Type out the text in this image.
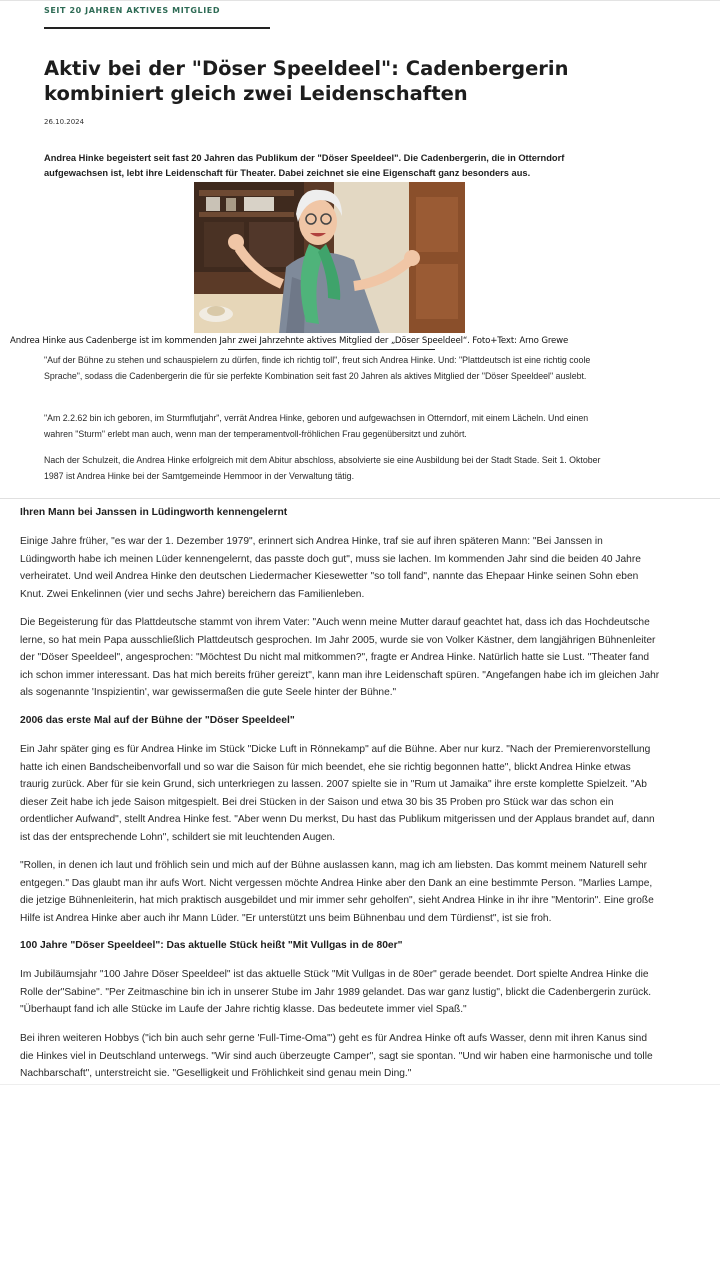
SEIT 20 JAHREN AKTIVES MITGLIED
Aktiv bei der "Döser Speeldeel": Cadenbergerin kombiniert gleich zwei Leidenschaften
26.10.2024

Andrea Hinke begeistert seit fast 20 Jahren das Publikum der "Döser Speeldeel". Die Cadenbergerin, die in Otterndorf aufgewachsen ist, lebt ihre Leidenschaft für Theater. Dabei zeichnet sie eine Eigenschaft ganz besonders aus.

Andrea Hinke aus Cadenberge ist im kommenden Jahr zwei Jahrzehnte aktives Mitglied der „Döser Speeldeel“. Foto+Text: Arno Grewe

"Auf der Bühne zu stehen und schauspielern zu dürfen, finde ich richtig toll", freut sich Andrea Hinke. Und: "Plattdeutsch ist eine richtig coole Sprache", sodass die Cadenbergerin die für sie perfekte Kombination seit fast 20 Jahren als aktives Mitglied der "Döser Speeldeel" auslebt.

"Am 2.2.62 bin ich geboren, im Sturmflutjahr", verrät Andrea Hinke, geboren und aufgewachsen in Otterndorf, mit einem Lächeln. Und einen wahren "Sturm" erlebt man auch, wenn man der temperamentvoll-fröhlichen Frau gegenübersitzt und zuhört.

Nach der Schulzeit, die Andrea Hinke erfolgreich mit dem Abitur abschloss, absolvierte sie eine Ausbildung bei der Stadt Stade. Seit 1. Oktober 1987 ist Andrea Hinke bei der Samtgemeinde Hemmoor in der Verwaltung tätig.

Ihren Mann bei Janssen in Lüdingworth kennengelernt

Einige Jahre früher, "es war der 1. Dezember 1979", erinnert sich Andrea Hinke, traf sie auf ihren späteren Mann: "Bei Janssen in Lüdingworth habe ich meinen Lüder kennengelernt, das passte doch gut", muss sie lachen. Im kommenden Jahr sind die beiden 40 Jahre verheiratet. Und weil Andrea Hinke den deutschen Liedermacher Kiesewetter "so toll fand", nannte das Ehepaar Hinke seinen Sohn eben Knut. Zwei Enkelinnen (vier und sechs Jahre) bereichern das Familienleben.

Die Begeisterung für das Plattdeutsche stammt von ihrem Vater: "Auch wenn meine Mutter darauf geachtet hat, dass ich das Hochdeutsche lerne, so hat mein Papa ausschließlich Plattdeutsch gesprochen. Im Jahr 2005, wurde sie von Volker Kästner, dem langjährigen Bühnenleiter der "Döser Speeldeel", angesprochen: "Möchtest Du nicht mal mitkommen?", fragte er Andrea Hinke. Natürlich hatte sie Lust. "Theater fand ich schon immer interessant. Das hat mich bereits früher gereizt", kann man ihre Leidenschaft spüren. "Angefangen habe ich im gleichen Jahr als sogenannte 'Inspizientin', war gewissermaßen die gute Seele hinter der Bühne."

2006 das erste Mal auf der Bühne der "Döser Speeldeel"

Ein Jahr später ging es für Andrea Hinke im Stück "Dicke Luft in Rönnekamp" auf die Bühne. Aber nur kurz. "Nach der Premierenvorstellung hatte ich einen Bandscheibenvorfall und so war die Saison für mich beendet, ehe sie richtig begonnen hatte", blickt Andrea Hinke etwas traurig zurück. Aber für sie kein Grund, sich unterkriegen zu lassen. 2007 spielte sie in "Rum ut Jamaika" ihre erste komplette Spielzeit. "Ab dieser Zeit habe ich jede Saison mitgespielt. Bei drei Stücken in der Saison und etwa 30 bis 35 Proben pro Stück war das schon ein ordentlicher Aufwand", stellt Andrea Hinke fest. "Aber wenn Du merkst, Du hast das Publikum mitgerissen und der Applaus brandet auf, dann ist das der entsprechende Lohn", schildert sie mit leuchtenden Augen.

"Rollen, in denen ich laut und fröhlich sein und mich auf der Bühne auslassen kann, mag ich am liebsten. Das kommt meinem Naturell sehr entgegen." Das glaubt man ihr aufs Wort. Nicht vergessen möchte Andrea Hinke aber den Dank an eine bestimmte Person. "Marlies Lampe, die jetzige Bühnenleiterin, hat mich praktisch ausgebildet und mir immer sehr geholfen", sieht Andrea Hinke in ihr ihre "Mentorin". Eine große Hilfe ist Andrea Hinke aber auch ihr Mann Lüder. "Er unterstützt uns beim Bühnenbau und dem Türdienst", ist sie froh.

100 Jahre "Döser Speeldeel": Das aktuelle Stück heißt "Mit Vullgas in de 80er"

Im Jubiläumsjahr "100 Jahre Döser Speeldeel" ist das aktuelle Stück "Mit Vullgas in de 80er" gerade beendet. Dort spielte Andrea Hinke die Rolle der"Sabine". "Per Zeitmaschine bin ich in unserer Stube im Jahr 1989 gelandet. Das war ganz lustig", blickt die Cadenbergerin zurück. "Überhaupt fand ich alle Stücke im Laufe der Jahre richtig klasse. Das bedeutete immer viel Spaß."

Bei ihren weiteren Hobbys ("ich bin auch sehr gerne 'Full-Time-Oma'") geht es für Andrea Hinke oft aufs Wasser, denn mit ihren Kanus sind die Hinkes viel in Deutschland unterwegs. "Wir sind auch überzeugte Camper", sagt sie spontan. "Und wir haben eine harmonische und tolle Nachbarschaft", unterstreicht sie. "Geselligkeit und Fröhlichkeit sind genau mein Ding."
